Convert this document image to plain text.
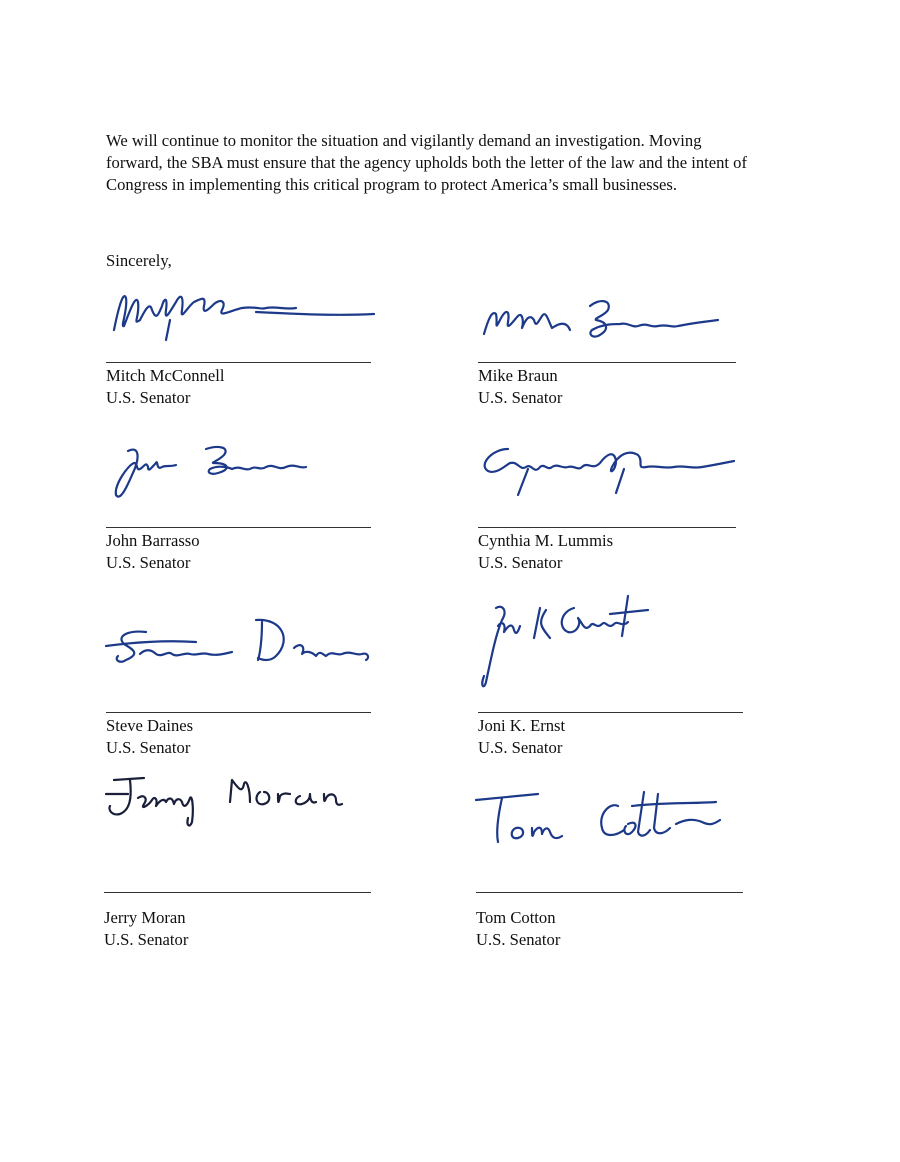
We will continue to monitor the situation and vigilantly demand an investigation. Moving
forward, the SBA must ensure that the agency upholds both the letter of the law and the intent of
Congress in implementing this critical program to protect America’s small businesses.

Sincerely,

Mitch McConnell
U.S. Senator
Mike Braun
U.S. Senator
John Barrasso
U.S. Senator
Cynthia M. Lummis
U.S. Senator
Steve Daines
U.S. Senator
Joni K. Ernst
U.S. Senator
Jerry Moran
U.S. Senator
Tom Cotton
U.S. Senator
